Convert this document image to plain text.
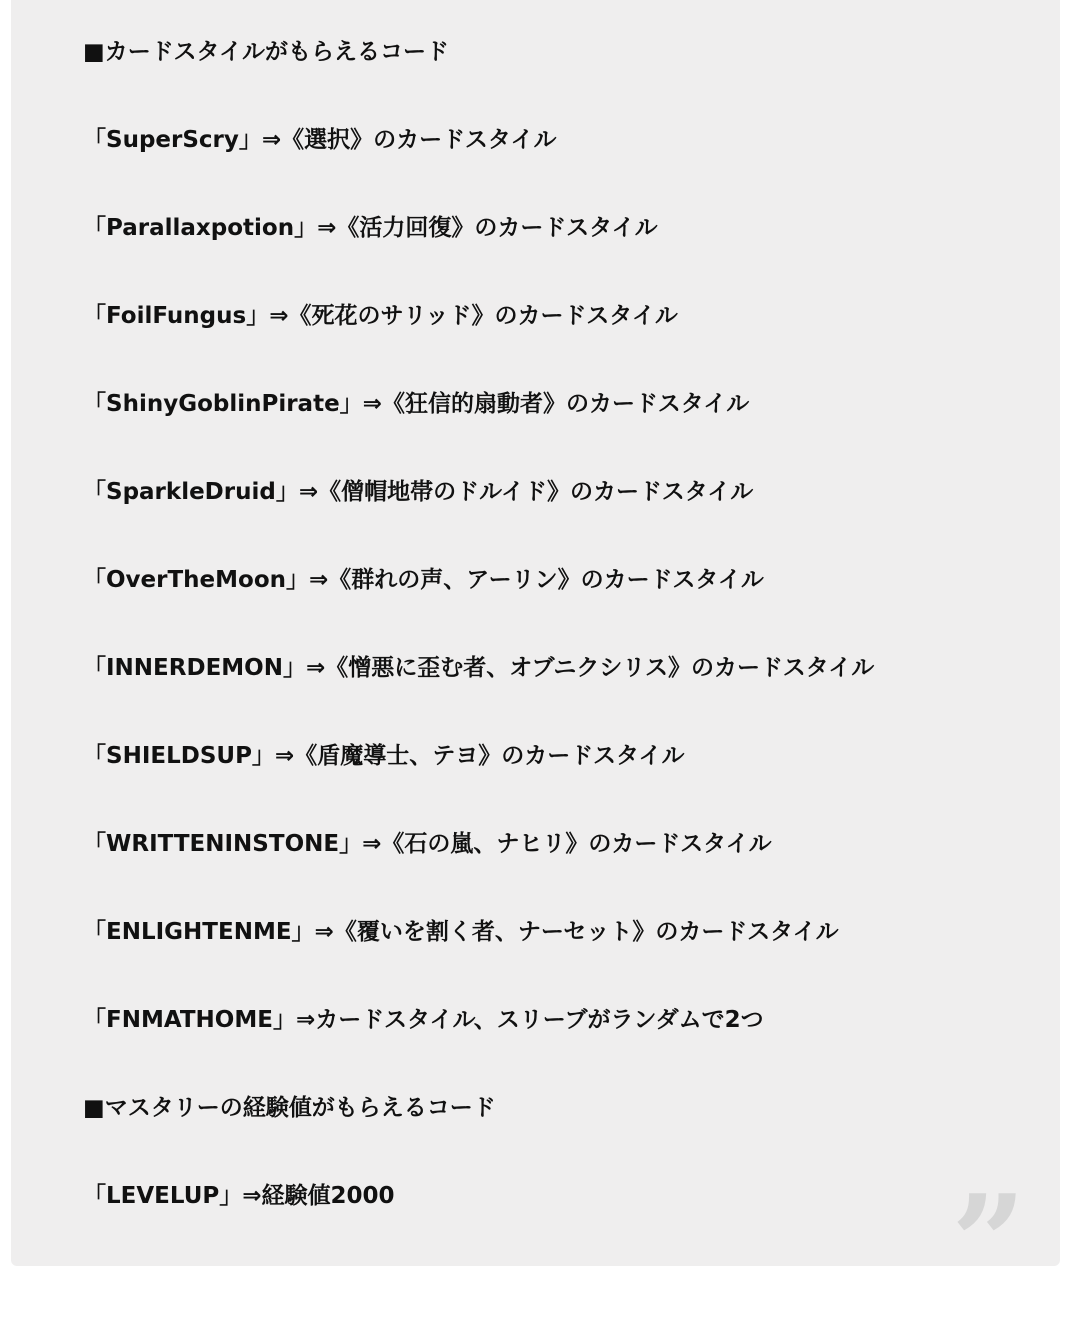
■カードスタイルがもらえるコード
「SuperScry」⇒《選択》のカードスタイル
「Parallaxpotion」⇒《活力回復》のカードスタイル
「FoilFungus」⇒《死花のサリッド》のカードスタイル
「ShinyGoblinPirate」⇒《狂信的扇動者》のカードスタイル
「SparkleDruid」⇒《僧帽地帯のドルイド》のカードスタイル
「OverTheMoon」⇒《群れの声、アーリン》のカードスタイル
「INNERDEMON」⇒《憎悪に歪む者、オブニクシリス》のカードスタイル
「SHIELDSUP」⇒《盾魔導士、テヨ》のカードスタイル
「WRITTENINSTONE」⇒《石の嵐、ナヒリ》のカードスタイル
「ENLIGHTENME」⇒《覆いを割く者、ナーセット》のカードスタイル
「FNMATHOME」⇒カードスタイル、スリーブがランダムで2つ
■マスタリーの経験値がもらえるコード
「LEVELUP」⇒経験値2000	”
